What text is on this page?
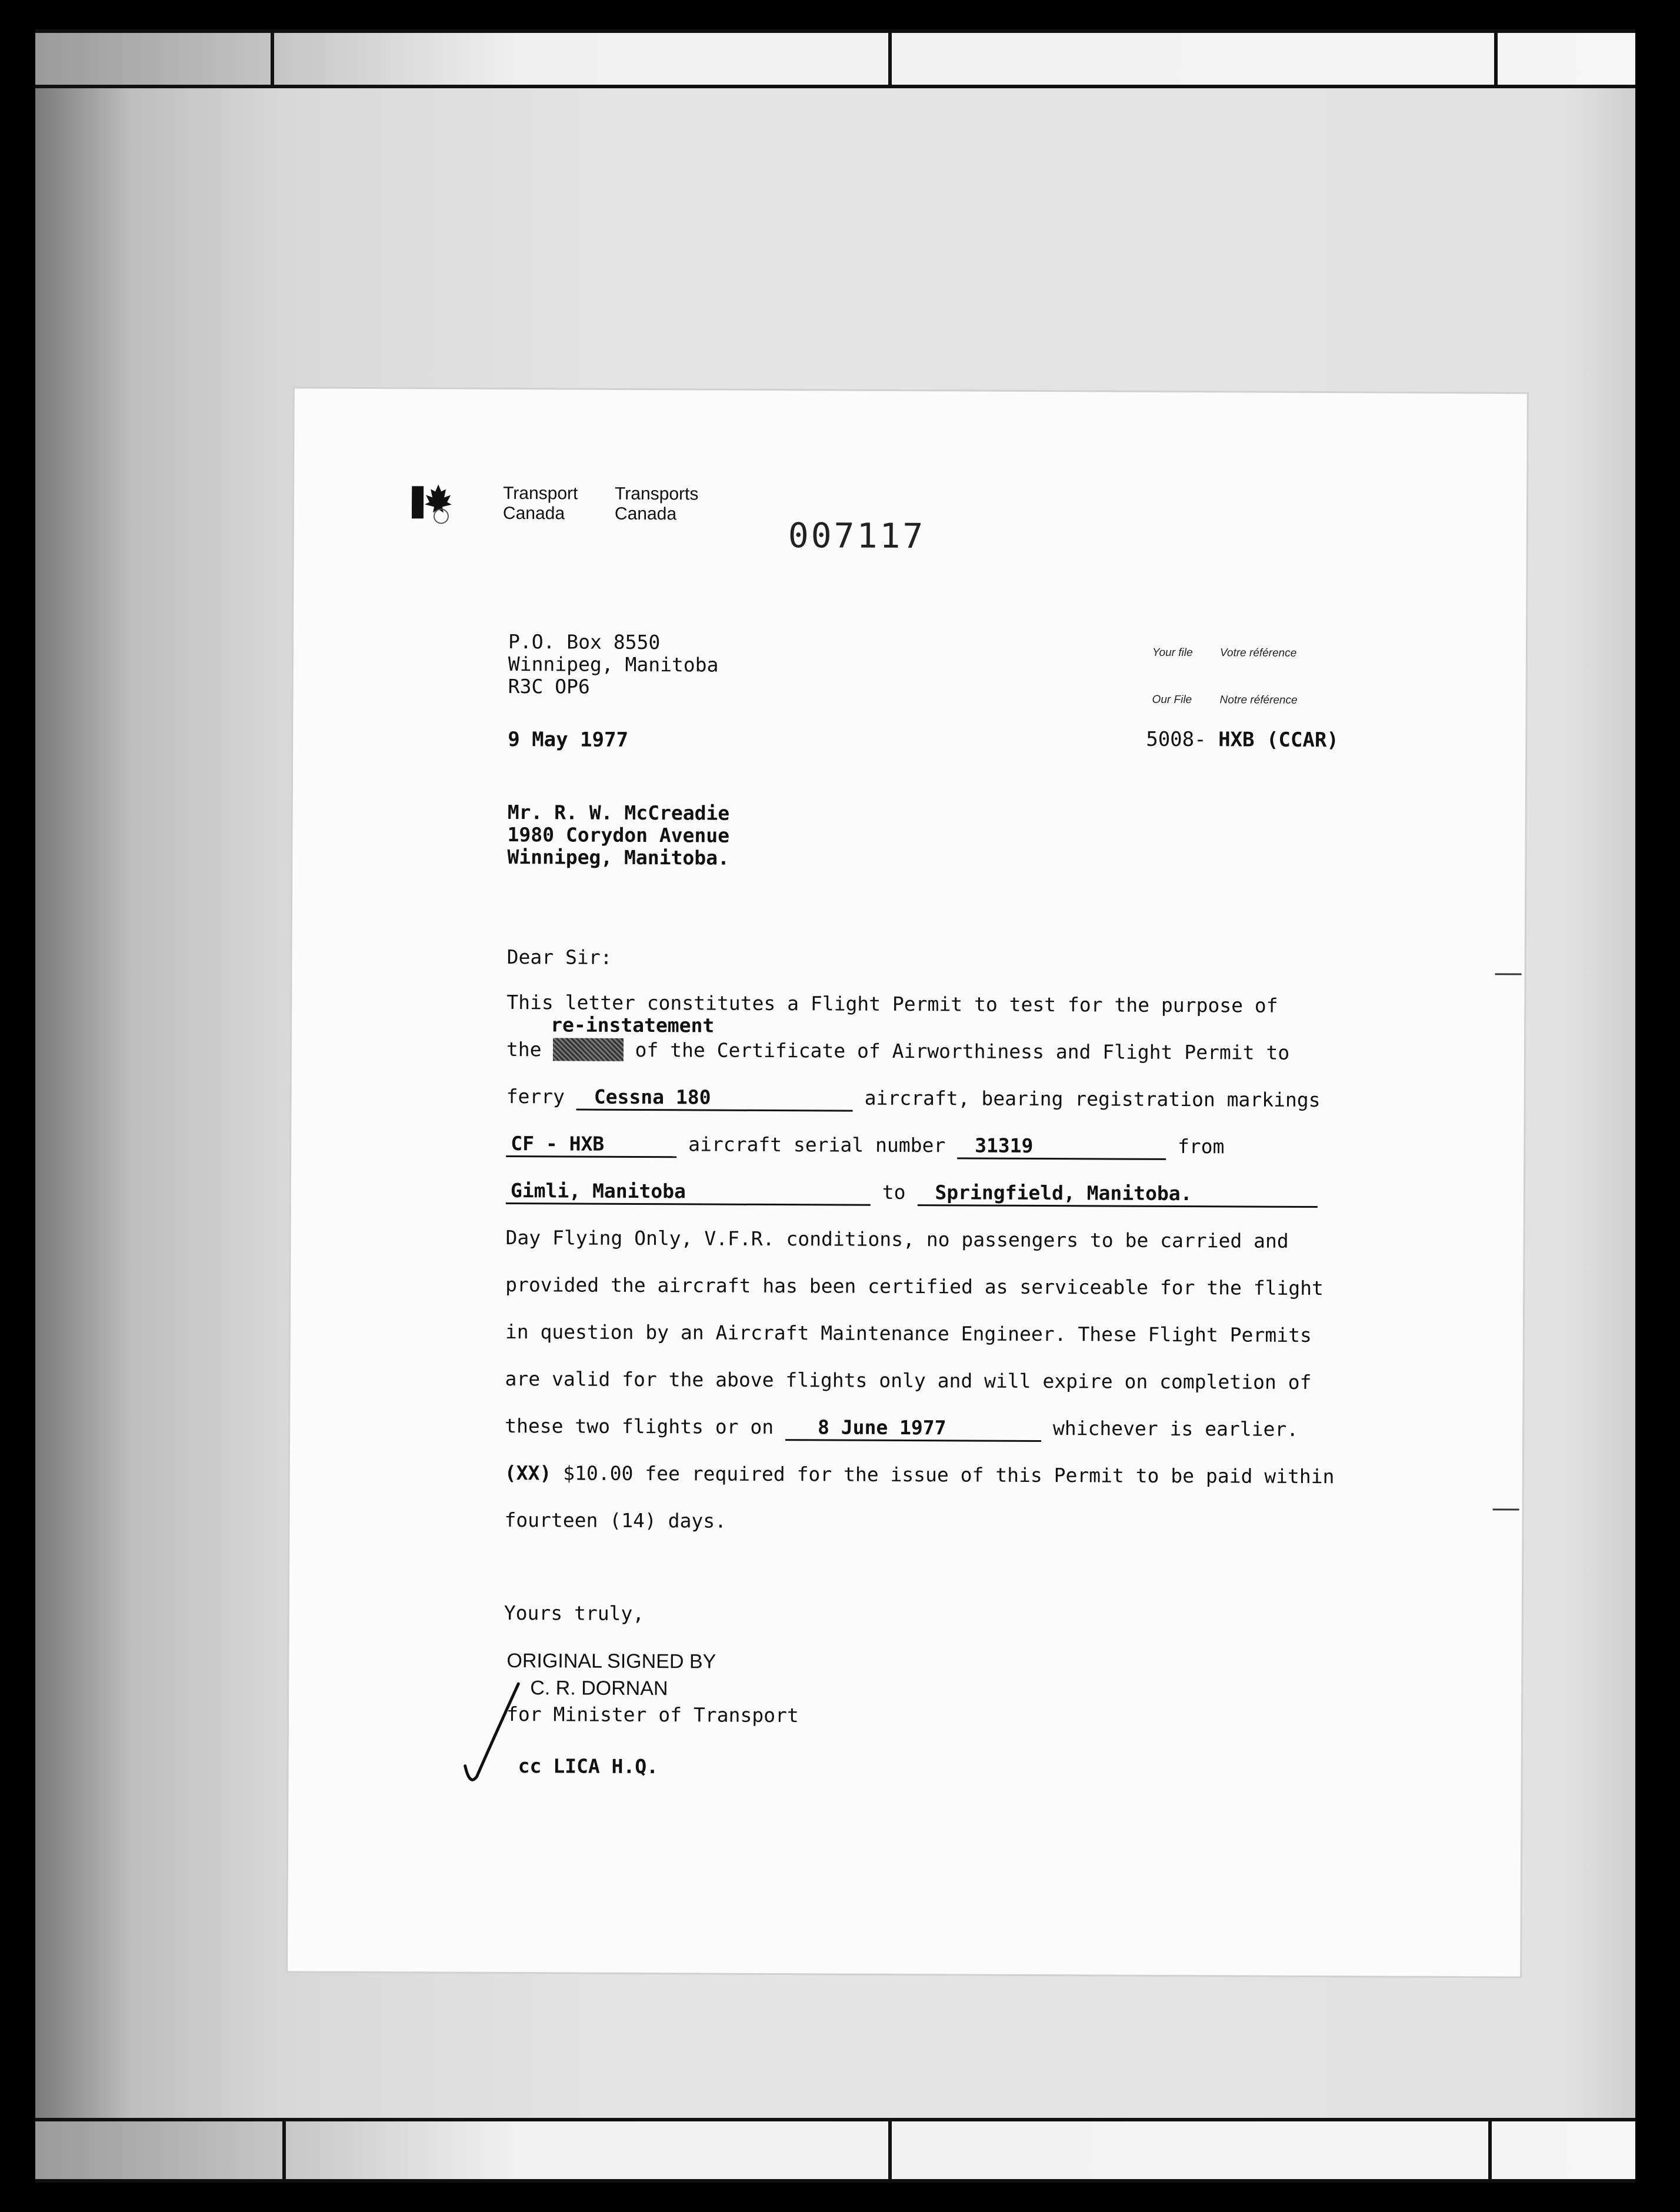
Transport
Canada
Transports
Canada
007117
P.O. Box 8550
Winnipeg, Manitoba
R3C OP6
Your file Votre référence
Our File Notre référence
9 May 1977	5008- HXB (CCAR)
Mr. R. W. McCreadie
1980 Corydon Avenue
Winnipeg, Manitoba.
Dear Sir:
This letter constitutes a Flight Permit to test for the purpose of
re-instatement
the	of the Certificate of Airworthiness and Flight Permit to
ferry Cessna 180	aircraft, bearing registration markings
CF - HXB	aircraft serial number 31319	from
Gimli, Manitoba	to Springfield, Manitoba.
Day Flying Only, V.F.R. conditions, no passengers to be carried and
provided the aircraft has been certified as serviceable for the flight
in question by an Aircraft Maintenance Engineer. These Flight Permits
are valid for the above flights only and will expire on completion of
these two flights or on 8 June 1977	whichever is earlier.
(XX) $10.00 fee required for the issue of this Permit to be paid within
fourteen (14) days.
Yours truly,
ORIGINAL SIGNED BY
C. R. DORNAN
for Minister of Transport
cc LICA H.Q.
